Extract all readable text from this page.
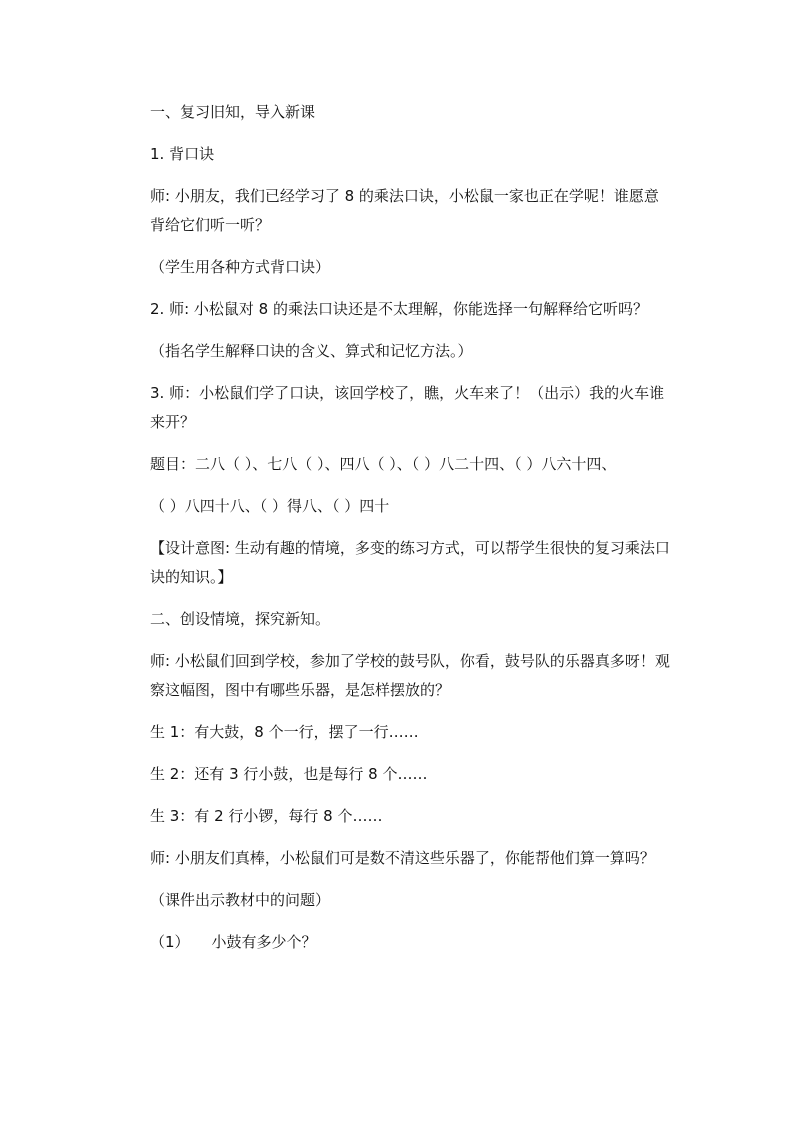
一、复习旧知，导入新课

1. 背口诀

师: 小朋友，我们已经学习了 8 的乘法口诀，小松鼠一家也正在学呢！谁愿意背给它们听一听？

（学生用各种方式背口诀）

2. 师: 小松鼠对 8 的乘法口诀还是不太理解，你能选择一句解释给它听吗？

（指名学生解释口诀的含义、算式和记忆方法。）

3. 师：小松鼠们学了口诀，该回学校了，瞧，火车来了！（出示）我的火车谁来开？

题目：二八（ ）、七八（ ）、四八（ ）、（ ）八二十四、（ ）八六十四、

（ ）八四十八、（ ）得八、（ ）四十

【设计意图: 生动有趣的情境，多变的练习方式，可以帮学生很快的复习乘法口诀的知识。】

二、创设情境，探究新知。

师: 小松鼠们回到学校，参加了学校的鼓号队，你看，鼓号队的乐器真多呀！观察这幅图，图中有哪些乐器，是怎样摆放的？

生 1：有大鼓，8 个一行，摆了一行……

生 2：还有 3 行小鼓，也是每行 8 个……

生 3：有 2 行小锣，每行 8 个……

师: 小朋友们真棒，小松鼠们可是数不清这些乐器了，你能帮他们算一算吗？

（课件出示教材中的问题）

（1） 小鼓有多少个？
